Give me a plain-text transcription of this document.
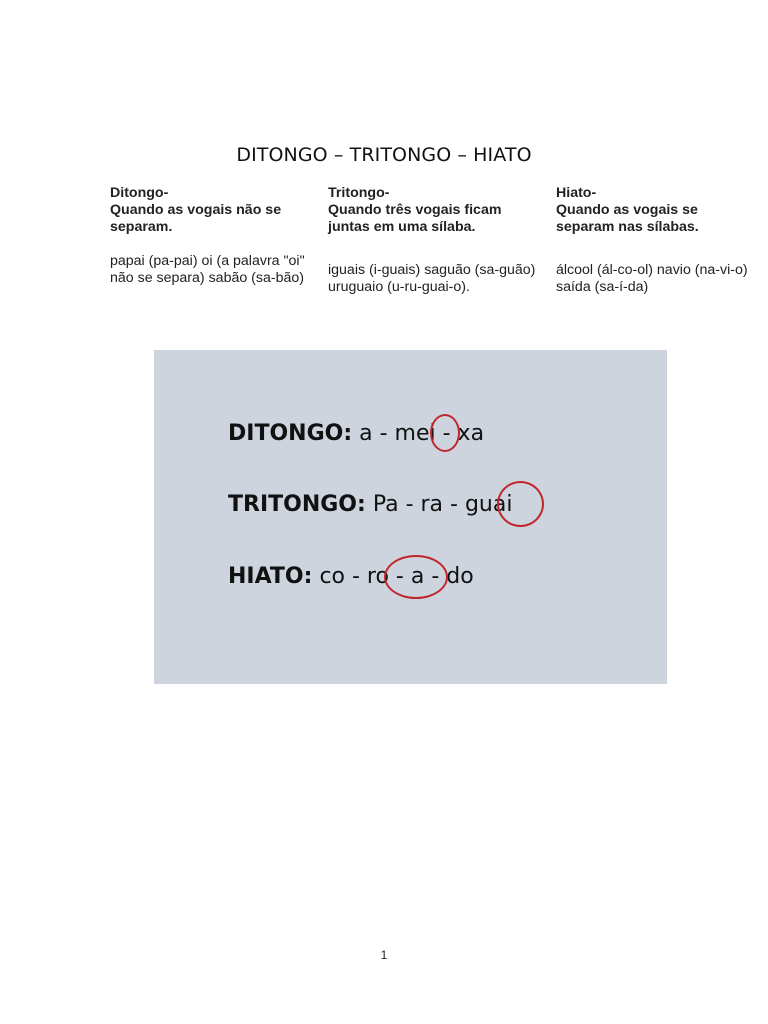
DITONGO – TRITONGO – HIATO
Ditongo-
Quando as vogais não se separam.
papai (pa-pai) oi (a palavra "oi" não se separa) sabão (sa-bão)
Tritongo-
Quando três vogais ficam juntas em uma sílaba.
iguais (i-guais) saguão (sa-guão) uruguaio (u-ru-guai-o).
Hiato-
Quando as vogais se separam nas sílabas.
álcool (ál-co-ol) navio (na-vi-o) saída (sa-í-da)
DITONGO: a - mei - xa
TRITONGO: Pa - ra - guai
HIATO: co - ro - a - do
1
